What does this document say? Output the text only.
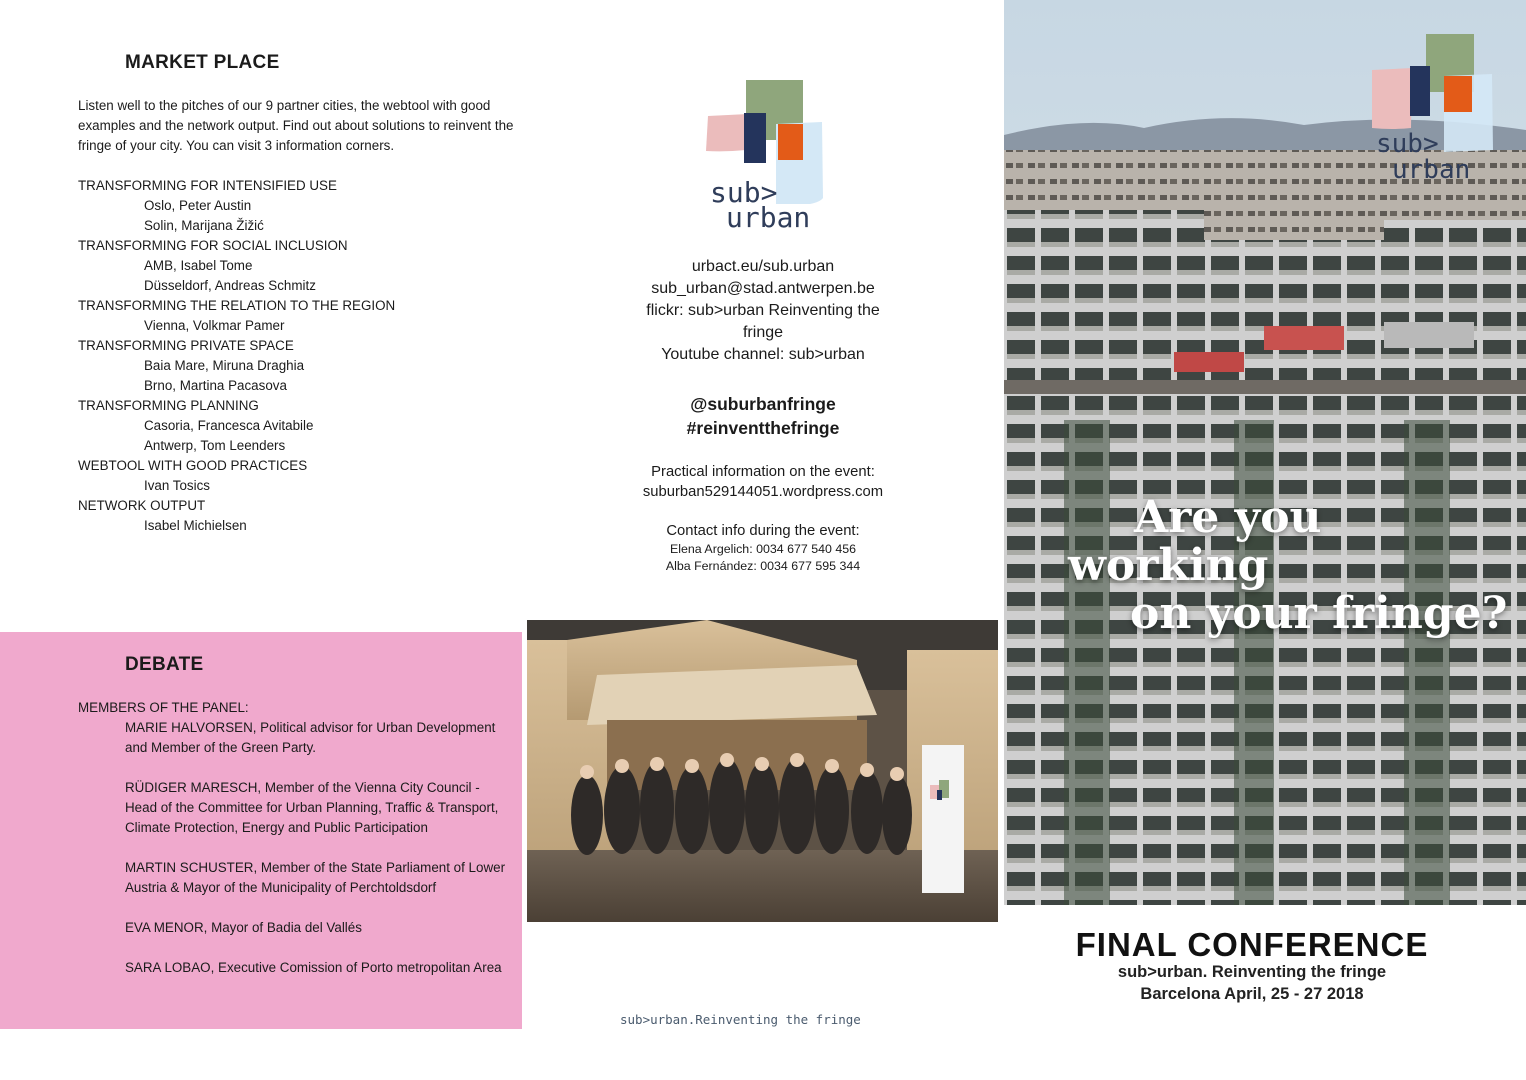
MARKET PLACE
Listen well to the pitches of our 9 partner cities, the webtool with good examples and the network output. Find out about solutions to reinvent the fringe of your city. You can visit 3 information corners.
TRANSFORMING FOR INTENSIFIED USE
Oslo, Peter Austin
Solin, Marijana Žižić
TRANSFORMING FOR SOCIAL INCLUSION
AMB, Isabel Tome
Düsseldorf, Andreas Schmitz
TRANSFORMING THE RELATION TO THE REGION
Vienna, Volkmar Pamer
TRANSFORMING PRIVATE SPACE
Baia Mare, Miruna Draghia
Brno, Martina Pacasova
TRANSFORMING PLANNING
Casoria, Francesca Avitabile
Antwerp, Tom Leenders
WEBTOOL WITH GOOD PRACTICES
Ivan Tosics
NETWORK OUTPUT
Isabel Michielsen
DEBATE
MEMBERS OF THE PANEL:
MARIE HALVORSEN, Political advisor for Urban Development and Member of the Green Party.
RÜDIGER MARESCH, Member of the Vienna City Council - Head of the Committee for Urban Planning, Traffic & Transport, Climate Protection, Energy and Public Participation
MARTIN SCHUSTER, Member of the State Parliament of Lower Austria & Mayor of the Municipality of Perchtoldsdorf
EVA MENOR, Mayor of Badia del Vallés
SARA LOBAO, Executive Comission of Porto metropolitan Area
sub>
urban
urbact.eu/sub.urban
sub_urban@stad.antwerpen.be
flickr: sub>urban Reinventing the fringe
Youtube channel: sub>urban
@suburbanfringe
#reinventthefringe
Practical information on the event:
suburban529144051.wordpress.com
Contact info during the event:
Elena Argelich: 0034 677 540 456
Alba Fernández: 0034 677 595 344
sub>urban.Reinventing the fringe
sub>
urban
Are you
working
on your fringe?
FINAL CONFERENCE
sub>urban. Reinventing the fringe
Barcelona April, 25 - 27 2018
